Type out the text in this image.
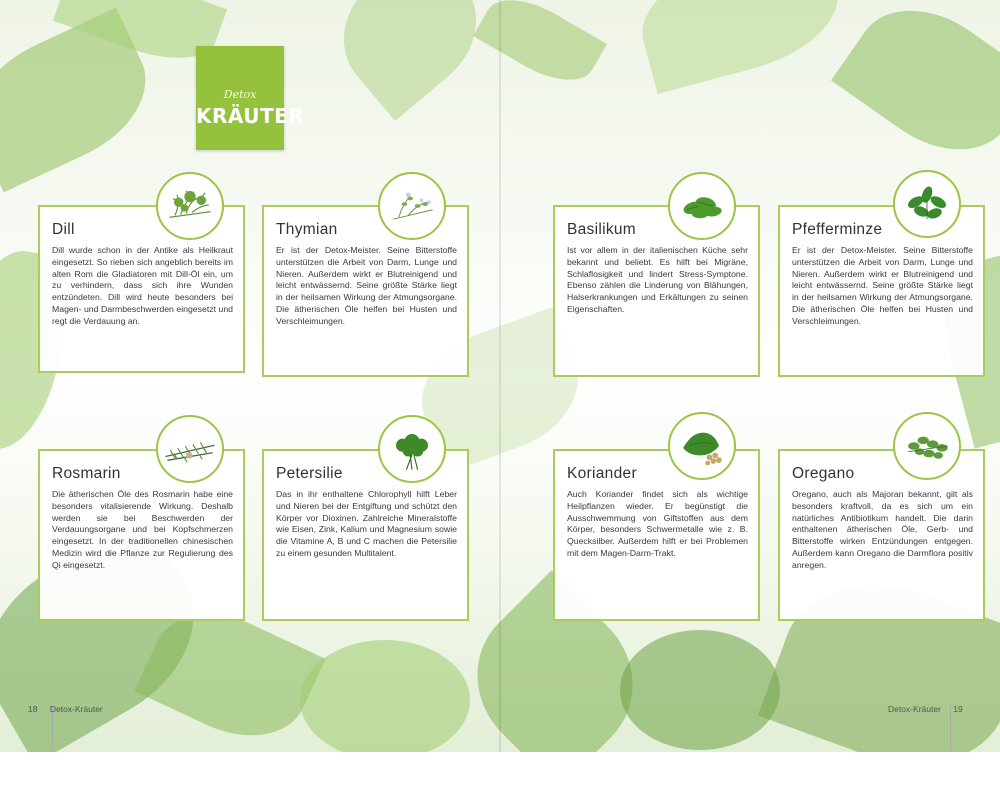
Detox
KRÄUTER
Dill

Dill wurde schon in der Antike als Heilkraut eingesetzt. So rieben sich angeblich bereits im alten Rom die Gladiatoren mit Dill-Öl ein, um zu verhindern, dass sich ihre Wunden entzündeten. Dill wird heute besonders bei Magen- und Darmbeschwerden eingesetzt und regt die Verdauung an.

Thymian

Er ist der Detox-Meister. Seine Bitterstoffe unterstützen die Arbeit von Darm, Lunge und Nieren. Außerdem wirkt er Blutreinigend und leicht entwässernd. Seine größte Stärke liegt in der heilsamen Wirkung der Atmungsorgane. Die ätherischen Öle helfen bei Husten und Verschleimungen.

Basilikum

Ist vor allem in der italienischen Küche sehr bekannt und beliebt. Es hilft bei Migräne, Schlaflosigkeit und lindert Stress-Symptone. Ebenso zählen die Linderung von Blähungen, Halserkrankungen und Erkältungen zu seinen Eigenschaften.

Pfefferminze

Er ist der Detox-Meister. Seine Bitterstoffe unterstützen die Arbeit von Darm, Lunge und Nieren. Außerdem wirkt er Blutreinigend und leicht entwässernd. Seine größte Stärke liegt in der heilsamen Wirkung der Atmungsorgane. Die ätherischen Öle helfen bei Husten und Verschleimungen.

Rosmarin

Die ätherischen Öle des Rosmarin habe eine besonders vitalisierende Wirkung. Deshalb werden sie bei Beschwerden der Verdauungsorgane und bei Kopfschmerzen eingesetzt. In der traditionellen chinesischen Medizin wird die Pflanze zur Regulierung des Qi eingesetzt.

Petersilie

Das in ihr enthaltene Chlorophyll hilft Leber und Nieren bei der Entgiftung und schützt den Körper vor Dioxinen. Zahlreiche Mineralstoffe wie Eisen, Zink, Kalium und Magnesium sowie die Vitamine A, B und C machen die Petersilie zu einem gesunden Multitalent.

Koriander

Auch Koriander findet sich als wichtige Heilpflanzen wieder. Er begünstigt die Ausschwemmung von Giftstoffen aus dem Körper, besonders Schwermetalle wie z. B. Quecksilber. Außerdem hilft er bei Problemen mit dem Magen-Darm-Trakt.

Oregano

Oregano, auch als Majoran bekannt, gilt als besonders kraftvoll, da es sich um ein natürliches Antibiotikum handelt. Die darin enthaltenen ätherischen Öle, Gerb- und Bitterstoffe wirken Entzündungen entgegen. Außerdem kann Oregano die Darmflora positiv anregen.

18 Detox-Kräuter	Detox-Kräuter 19
